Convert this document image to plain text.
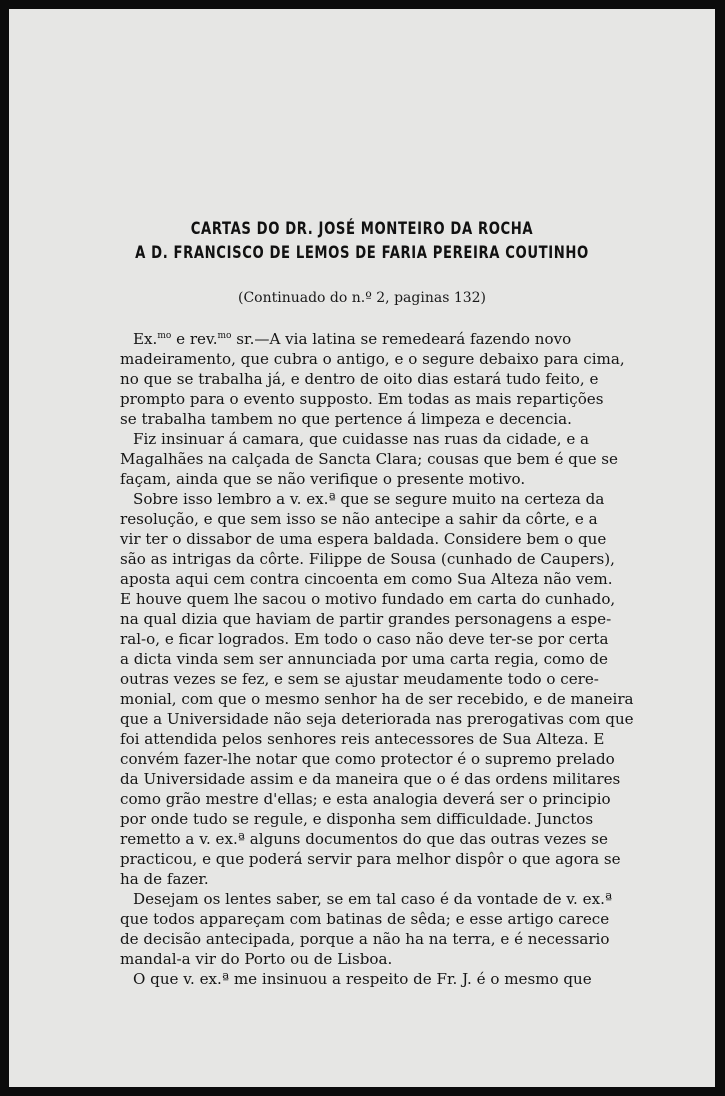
CARTAS DO DR. JOSÉ MONTEIRO DA ROCHA
A D. FRANCISCO DE LEMOS DE FARIA PEREIRA COUTINHO
(Continuado do n.º 2, paginas 132)
Ex.$^{mo}$ e rev.$^{mo}$ sr.—A via latina se remedeará fazendo novo
madeiramento, que cubra o antigo, e o segure debaixo para cima,
no que se trabalha já, e dentro de oito dias estará tudo feito, e
prompto para o evento supposto. Em todas as mais repartições
se trabalha tambem no que pertence á limpeza e decencia.
Fiz insinuar á camara, que cuidasse nas ruas da cidade, e a
Magalhães na calçada de Sancta Clara; cousas que bem é que se
façam, ainda que se não verifique o presente motivo.
Sobre isso lembro a v. ex.ª que se segure muito na certeza da
resolução, e que sem isso se não antecipe a sahir da côrte, e a
vir ter o dissabor de uma espera baldada. Considere bem o que
são as intrigas da côrte. Filippe de Sousa (cunhado de Caupers),
aposta aqui cem contra cincoenta em como Sua Alteza não vem.
E houve quem lhe sacou o motivo fundado em carta do cunhado,
na qual dizia que haviam de partir grandes personagens a espe-
ral-o, e ficar logrados. Em todo o caso não deve ter-se por certa
a dicta vinda sem ser annunciada por uma carta regia, como de
outras vezes se fez, e sem se ajustar meudamente todo o cere-
monial, com que o mesmo senhor ha de ser recebido, e de maneira
que a Universidade não seja deteriorada nas prerogativas com que
foi attendida pelos senhores reis antecessores de Sua Alteza. E
convém fazer-lhe notar que como protector é o supremo prelado
da Universidade assim e da maneira que o é das ordens militares
como grão mestre d'ellas; e esta analogia deverá ser o principio
por onde tudo se regule, e disponha sem difficuldade. Junctos
remetto a v. ex.ª alguns documentos do que das outras vezes se
practicou, e que poderá servir para melhor dispôr o que agora se
ha de fazer.
Desejam os lentes saber, se em tal caso é da vontade de v. ex.ª
que todos appareçam com batinas de sêda; e esse artigo carece
de decisão antecipada, porque a não ha na terra, e é necessario
mandal-a vir do Porto ou de Lisboa.
O que v. ex.ª me insinuou a respeito de Fr. J. é o mesmo que
